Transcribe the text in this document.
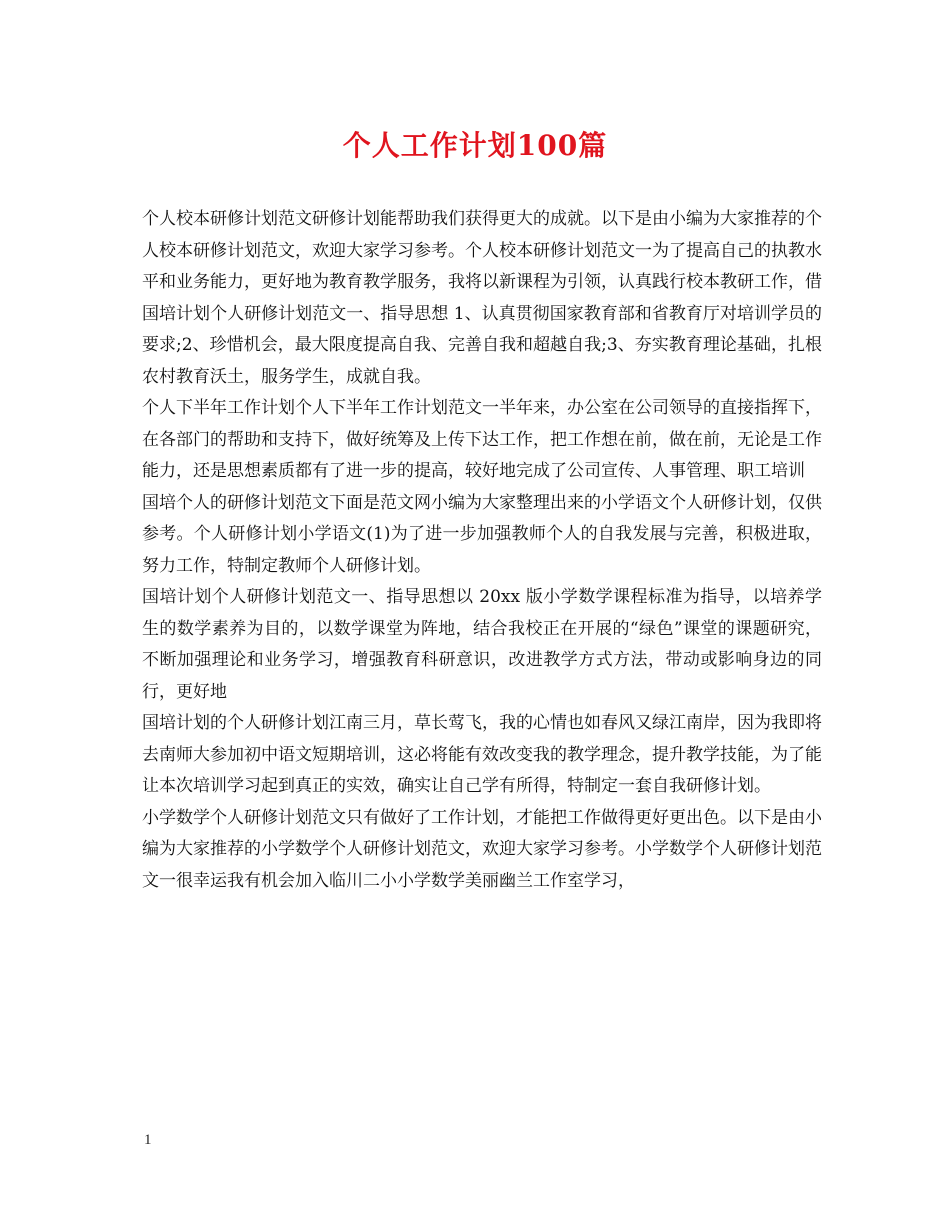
个人工作计划100篇

个人校本研修计划范文研修计划能帮助我们获得更大的成就。以下是由小编为大家推荐的个人校本研修计划范文，欢迎大家学习参考。个人校本研修计划范文一为了提高自己的执教水平和业务能力，更好地为教育教学服务，我将以新课程为引领，认真践行校本教研工作，借

国培计划个人研修计划范文一、指导思想 1、认真贯彻国家教育部和省教育厅对培训学员的要求;2、珍惜机会，最大限度提高自我、完善自我和超越自我;3、夯实教育理论基础，扎根农村教育沃土，服务学生，成就自我。

个人下半年工作计划个人下半年工作计划范文一半年来，办公室在公司领导的直接指挥下，在各部门的帮助和支持下，做好统筹及上传下达工作，把工作想在前，做在前，无论是工作能力，还是思想素质都有了进一步的提高，较好地完成了公司宣传、人事管理、职工培训

国培个人的研修计划范文下面是范文网小编为大家整理出来的小学语文个人研修计划，仅供参考。个人研修计划小学语文(1)为了进一步加强教师个人的自我发展与完善，积极进取，努力工作，特制定教师个人研修计划。

国培计划个人研修计划范文一、指导思想以 20xx 版小学数学课程标准为指导，以培养学生的数学素养为目的，以数学课堂为阵地，结合我校正在开展的“绿色”课堂的课题研究，不断加强理论和业务学习，增强教育科研意识，改进教学方式方法，带动或影响身边的同行，更好地

国培计划的个人研修计划江南三月，草长莺飞，我的心情也如春风又绿江南岸，因为我即将去南师大参加初中语文短期培训，这必将能有效改变我的教学理念，提升教学技能，为了能让本次培训学习起到真正的实效，确实让自己学有所得，特制定一套自我研修计划。

小学数学个人研修计划范文只有做好了工作计划，才能把工作做得更好更出色。以下是由小编为大家推荐的小学数学个人研修计划范文，欢迎大家学习参考。小学数学个人研修计划范文一很幸运我有机会加入临川二小小学数学美丽幽兰工作室学习，

1
